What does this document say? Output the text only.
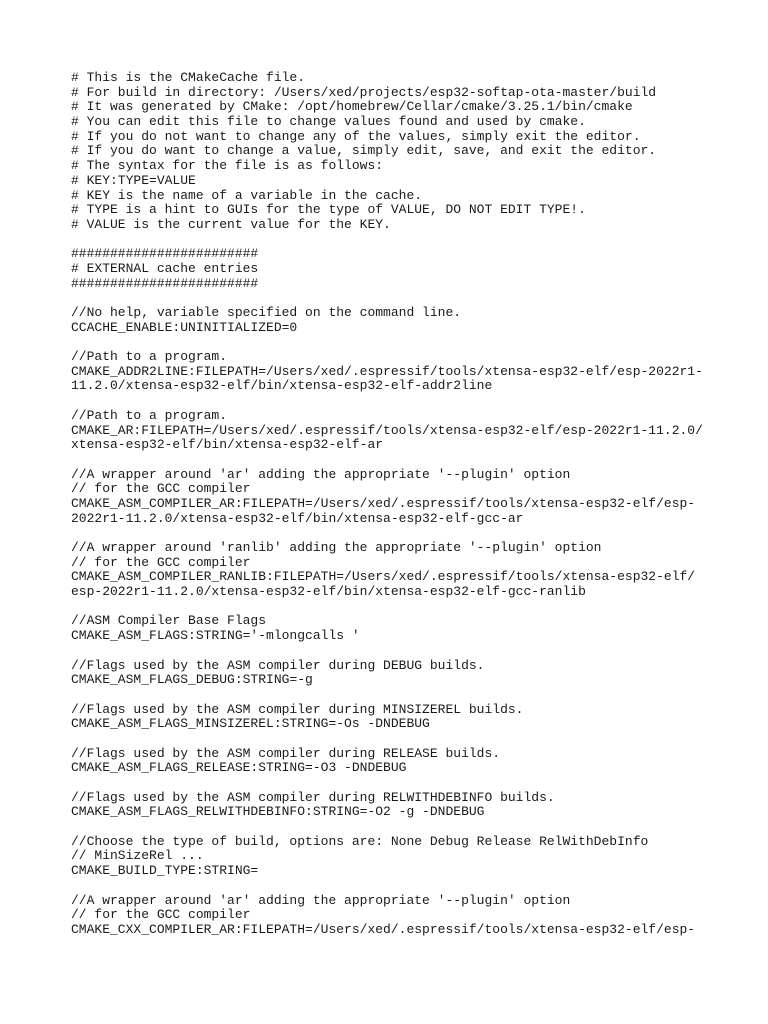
# This is the CMakeCache file.
# For build in directory: /Users/xed/projects/esp32-softap-ota-master/build
# It was generated by CMake: /opt/homebrew/Cellar/cmake/3.25.1/bin/cmake
# You can edit this file to change values found and used by cmake.
# If you do not want to change any of the values, simply exit the editor.
# If you do want to change a value, simply edit, save, and exit the editor.
# The syntax for the file is as follows:
# KEY:TYPE=VALUE
# KEY is the name of a variable in the cache.
# TYPE is a hint to GUIs for the type of VALUE, DO NOT EDIT TYPE!.
# VALUE is the current value for the KEY.
########################
# EXTERNAL cache entries
########################
//No help, variable specified on the command line.
CCACHE_ENABLE:UNINITIALIZED=0
//Path to a program.
CMAKE_ADDR2LINE:FILEPATH=/Users/xed/.espressif/tools/xtensa-esp32-elf/esp-2022r1-
11.2.0/xtensa-esp32-elf/bin/xtensa-esp32-elf-addr2line
//Path to a program.
CMAKE_AR:FILEPATH=/Users/xed/.espressif/tools/xtensa-esp32-elf/esp-2022r1-11.2.0/
xtensa-esp32-elf/bin/xtensa-esp32-elf-ar
//A wrapper around 'ar' adding the appropriate '--plugin' option
// for the GCC compiler
CMAKE_ASM_COMPILER_AR:FILEPATH=/Users/xed/.espressif/tools/xtensa-esp32-elf/esp-
2022r1-11.2.0/xtensa-esp32-elf/bin/xtensa-esp32-elf-gcc-ar
//A wrapper around 'ranlib' adding the appropriate '--plugin' option
// for the GCC compiler
CMAKE_ASM_COMPILER_RANLIB:FILEPATH=/Users/xed/.espressif/tools/xtensa-esp32-elf/
esp-2022r1-11.2.0/xtensa-esp32-elf/bin/xtensa-esp32-elf-gcc-ranlib
//ASM Compiler Base Flags
CMAKE_ASM_FLAGS:STRING='-mlongcalls '
//Flags used by the ASM compiler during DEBUG builds.
CMAKE_ASM_FLAGS_DEBUG:STRING=-g
//Flags used by the ASM compiler during MINSIZEREL builds.
CMAKE_ASM_FLAGS_MINSIZEREL:STRING=-Os -DNDEBUG
//Flags used by the ASM compiler during RELEASE builds.
CMAKE_ASM_FLAGS_RELEASE:STRING=-O3 -DNDEBUG
//Flags used by the ASM compiler during RELWITHDEBINFO builds.
CMAKE_ASM_FLAGS_RELWITHDEBINFO:STRING=-O2 -g -DNDEBUG
//Choose the type of build, options are: None Debug Release RelWithDebInfo
// MinSizeRel ...
CMAKE_BUILD_TYPE:STRING=
//A wrapper around 'ar' adding the appropriate '--plugin' option
// for the GCC compiler
CMAKE_CXX_COMPILER_AR:FILEPATH=/Users/xed/.espressif/tools/xtensa-esp32-elf/esp-
